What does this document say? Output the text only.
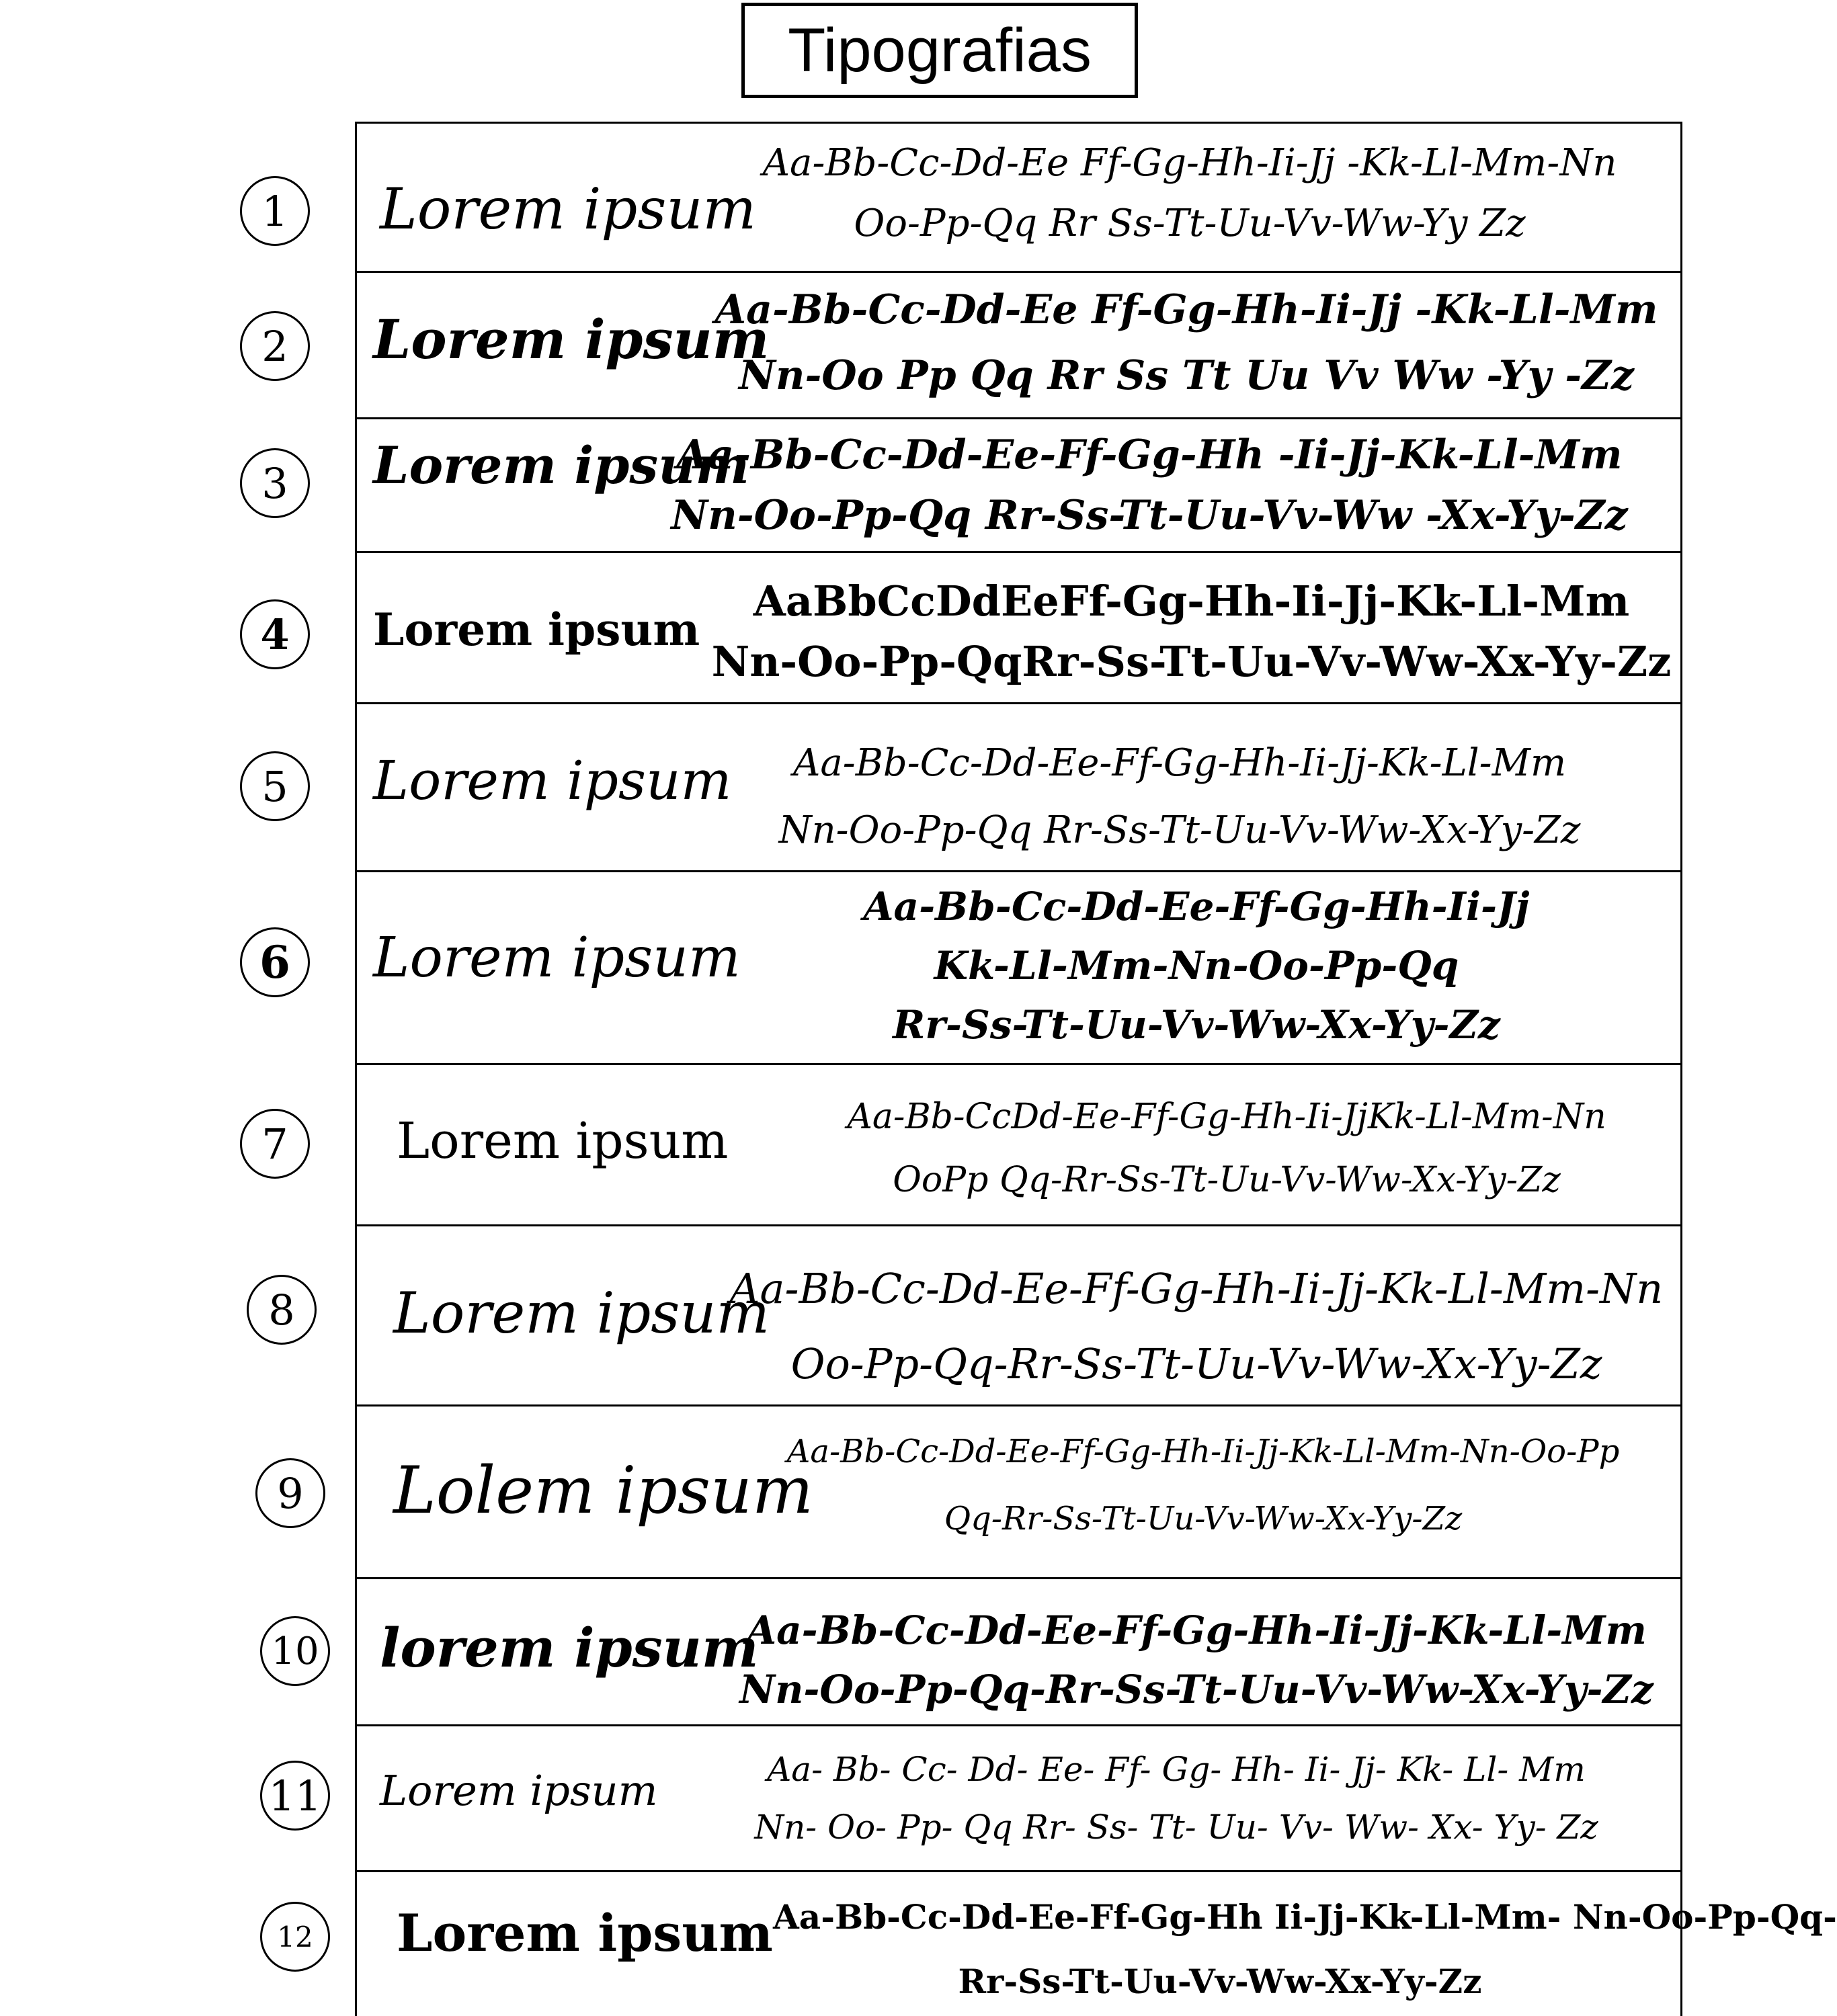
Tipografias
1	Lorem ipsum
Aa-Bb-Cc-Dd-Ee Ff-Gg-Hh-Ii-Jj -Kk-Ll-Mm-Nn
Oo-Pp-Qq Rr Ss-Tt-Uu-Vv-Ww-Yy Zz
2	Lorem ipsum
Aa-Bb-Cc-Dd-Ee Ff-Gg-Hh-Ii-Jj -Kk-Ll-Mm
Nn-Oo Pp Qq Rr Ss Tt Uu Vv Ww -Yy -Zz
3	Lorem ipsum
Aa-Bb-Cc-Dd-Ee-Ff-Gg-Hh -Ii-Jj-Kk-Ll-Mm
Nn-Oo-Pp-Qq Rr-Ss-Tt-Uu-Vv-Ww -Xx-Yy-Zz
4	Lorem ipsum
AaBbCcDdEeFf-Gg-Hh-Ii-Jj-Kk-Ll-Mm
Nn-Oo-Pp-QqRr-Ss-Tt-Uu-Vv-Ww-Xx-Yy-Zz
5	Lorem ipsum	Aa-Bb-Cc-Dd-Ee-Ff-Gg-Hh-Ii-Jj-Kk-Ll-Mm
Nn-Oo-Pp-Qq Rr-Ss-Tt-Uu-Vv-Ww-Xx-Yy-Zz
6	Lorem ipsum
Aa-Bb-Cc-Dd-Ee-Ff-Gg-Hh-Ii-Jj
Kk-Ll-Mm-Nn-Oo-Pp-Qq
Rr-Ss-Tt-Uu-Vv-Ww-Xx-Yy-Zz
7	Lorem ipsum	Aa-Bb-CcDd-Ee-Ff-Gg-Hh-Ii-JjKk-Ll-Mm-Nn
OoPp Qq-Rr-Ss-Tt-Uu-Vv-Ww-Xx-Yy-Zz
8	Lorem ipsum
Aa-Bb-Cc-Dd-Ee-Ff-Gg-Hh-Ii-Jj-Kk-Ll-Mm-Nn
Oo-Pp-Qq-Rr-Ss-Tt-Uu-Vv-Ww-Xx-Yy-Zz
9	Lolem ipsum
Aa-Bb-Cc-Dd-Ee-Ff-Gg-Hh-Ii-Jj-Kk-Ll-Mm-Nn-Oo-Pp
Qq-Rr-Ss-Tt-Uu-Vv-Ww-Xx-Yy-Zz
10 lorem ipsum
Aa-Bb-Cc-Dd-Ee-Ff-Gg-Hh-Ii-Jj-Kk-Ll-Mm
Nn-Oo-Pp-Qq-Rr-Ss-Tt-Uu-Vv-Ww-Xx-Yy-Zz
11 Lorem ipsum	Aa- Bb- Cc- Dd- Ee- Ff- Gg- Hh- Ii- Jj- Kk- Ll- Mm
Nn- Oo- Pp- Qq Rr- Ss- Tt- Uu- Vv- Ww- Xx- Yy- Zz
12	Lorem ipsum Aa-Bb-Cc-Dd-Ee-Ff-Gg-Hh Ii-Jj-Kk-Ll-Mm- Nn-Oo-Pp-Qq-
Rr-Ss-Tt-Uu-Vv-Ww-Xx-Yy-Zz
